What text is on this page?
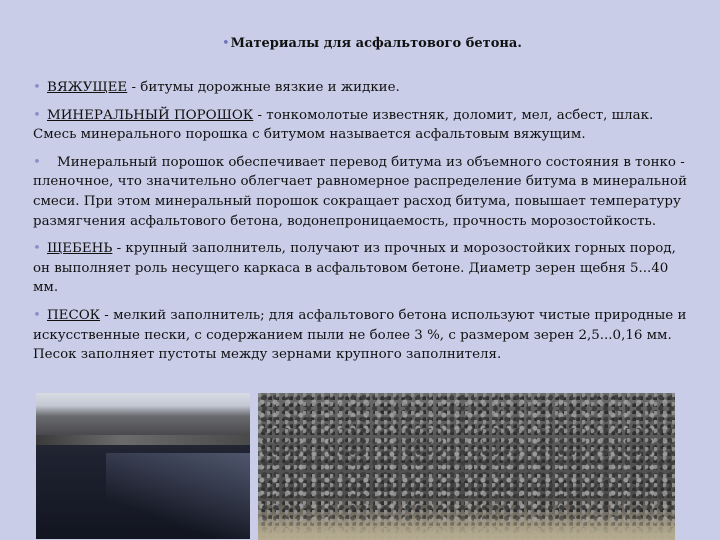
•Материалы для асфальтового бетона.
• ВЯЖУЩЕЕ - битумы дорожные вязкие и жидкие.
• МИНЕРАЛЬНЫЙ ПОРОШОК - тонкомолотые известняк, доломит, мел, асбест, шлак. Смесь минерального порошка с битумом называется асфальтовым вяжущим.
• Минеральный порошок обеспечивает перевод битума из объемного состояния в тонко - пленочное, что значительно облегчает равномерное распределение битума в минеральной смеси. При этом минеральный порошок сокращает расход битума, повышает температуру размягчения асфальтового бетона, водонепроницаемость, прочность морозостойкость.
• ЩЕБЕНЬ - крупный заполнитель, получают из прочных и морозостойких горных пород, он выполняет роль несущего каркаса в асфальтовом бетоне. Диаметр зерен щебня 5...40 мм.
• ПЕСОК - мелкий заполнитель; для асфальтового бетона используют чистые природные и искусственные пески, с содержанием пыли не более 3 %, с размером зерен 2,5...0,16 мм. Песок заполняет пустоты между зернами крупного заполнителя.
